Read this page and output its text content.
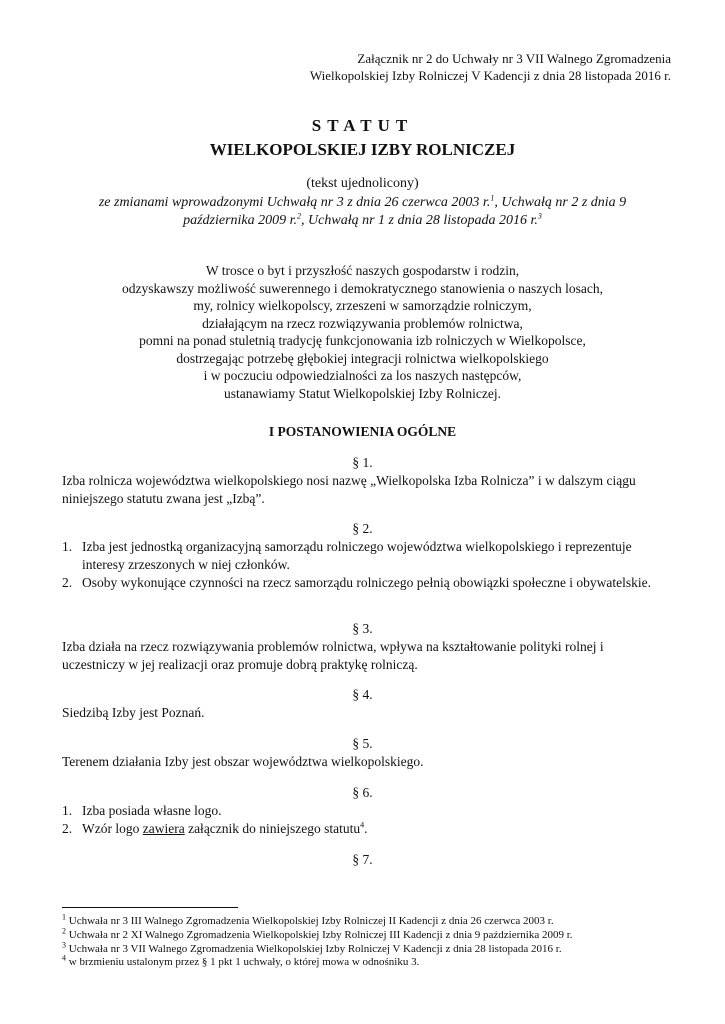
Załącznik nr 2 do Uchwały nr 3 VII Walnego Zgromadzenia
Wielkopolskiej Izby Rolniczej V Kadencji z dnia 28 listopada 2016 r.
STATUT
WIELKOPOLSKIEJ IZBY ROLNICZEJ
(tekst ujednolicony)
ze zmianami wprowadzonymi Uchwałą nr 3 z dnia 26 czerwca 2003 r.$^1$, Uchwałą nr 2 z dnia 9
października 2009 r.$^2$, Uchwałą nr 1 z dnia 28 listopada 2016 r.$^3$
W trosce o byt i przyszłość naszych gospodarstw i rodzin,
odzyskawszy możliwość suwerennego i demokratycznego stanowienia o naszych losach,
my, rolnicy wielkopolscy, zrzeszeni w samorządzie rolniczym,
działającym na rzecz rozwiązywania problemów rolnictwa,
pomni na ponad stuletnią tradycję funkcjonowania izb rolniczych w Wielkopolsce,
dostrzegając potrzebę głębokiej integracji rolnictwa wielkopolskiego
i w poczuciu odpowiedzialności za los naszych następców,
ustanawiamy Statut Wielkopolskiej Izby Rolniczej.
I POSTANOWIENIA OGÓLNE
§ 1.
Izba rolnicza województwa wielkopolskiego nosi nazwę „Wielkopolska Izba Rolnicza” i w dalszym ciągu niniejszego statutu zwana jest „Izbą”.
§ 2.
1. Izba jest jednostką organizacyjną samorządu rolniczego województwa wielkopolskiego i reprezentuje interesy zrzeszonych w niej członków.
2. Osoby wykonujące czynności na rzecz samorządu rolniczego pełnią obowiązki społeczne i obywatelskie.
§ 3.
Izba działa na rzecz rozwiązywania problemów rolnictwa, wpływa na kształtowanie polityki rolnej i uczestniczy w jej realizacji oraz promuje dobrą praktykę rolniczą.
§ 4.
Siedzibą Izby jest Poznań.
§ 5.
Terenem działania Izby jest obszar województwa wielkopolskiego.
§ 6.
1. Izba posiada własne logo.
2. Wzór logo zawiera załącznik do niniejszego statutu$^4$.
§ 7.
$^1$ Uchwała nr 3 III Walnego Zgromadzenia Wielkopolskiej Izby Rolniczej II Kadencji z dnia 26 czerwca 2003 r.
$^2$ Uchwała nr 2 XI Walnego Zgromadzenia Wielkopolskiej Izby Rolniczej III Kadencji z dnia 9 października 2009 r.
$^3$ Uchwała nr 3 VII Walnego Zgromadzenia Wielkopolskiej Izby Rolniczej V Kadencji z dnia 28 listopada 2016 r.
$^4$ w brzmieniu ustalonym przez § 1 pkt 1 uchwały, o której mowa w odnośniku 3.
